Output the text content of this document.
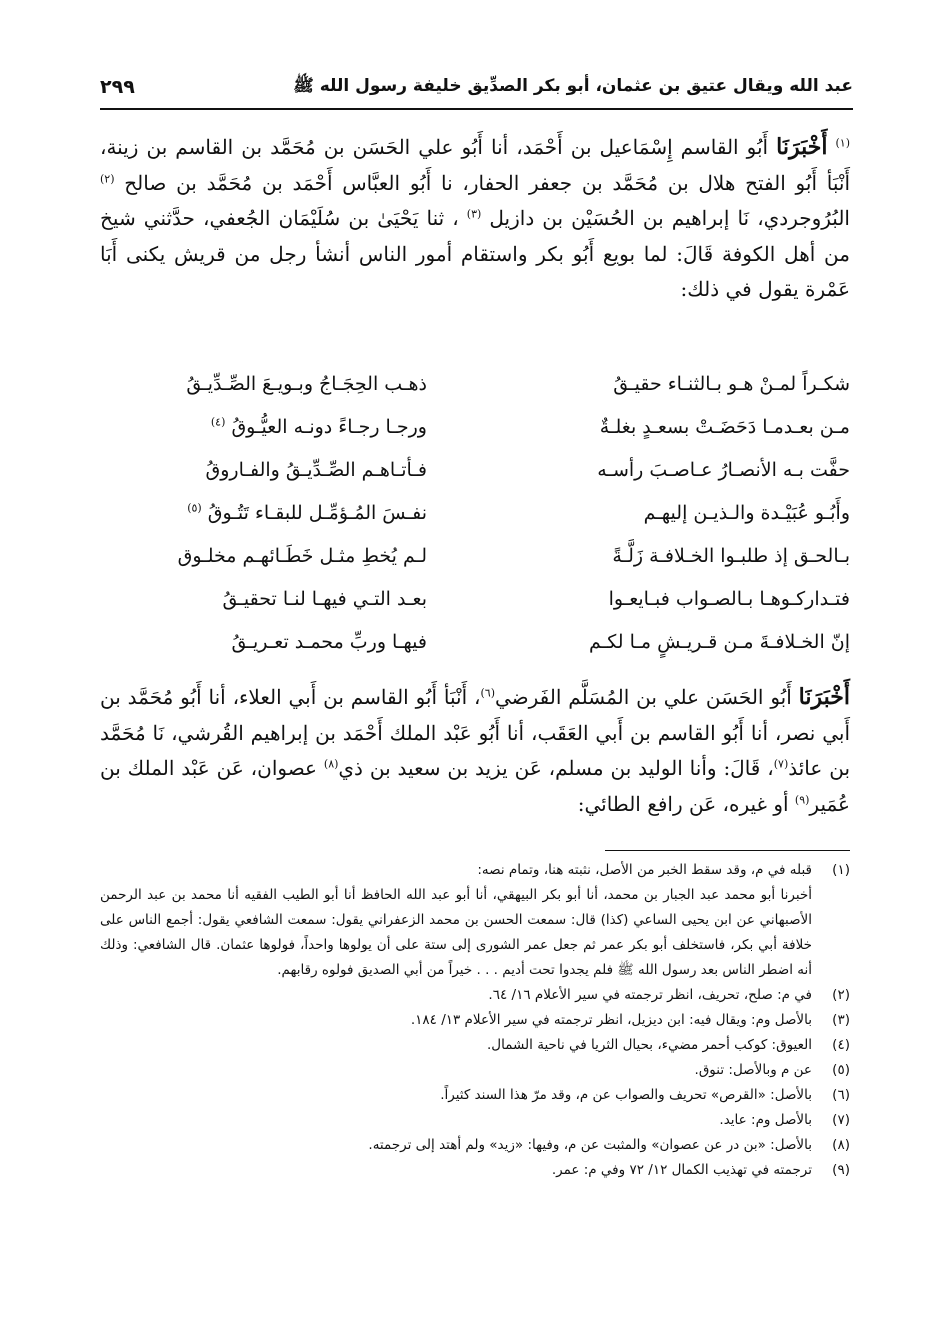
عبد الله ويقال عتيق بن عثمان، أبو بكر الصدِّيق خليفة رسول الله ﷺ
٢٩٩

$^{(١)}$ أَخْبَرَنَا أَبُو القاسم إِسْمَاعيل بن أَحْمَد، أنا أَبُو علي الحَسَن بن مُحَمَّد بن القاسم بن زينة، أَنْبَأ أَبُو الفتح هلال بن مُحَمَّد بن جعفر الحفار، نا أَبُو العبَّاس أَحْمَد بن مُحَمَّد بن صالح $^{(٢)}$ البُرُوجردي، نَا إبراهيم بن الحُسَيْن بن دازيل $^{(٣)}$ ، ثنا يَحْيَىٰ بن سُلَيْمَان الجُعفي، حدَّثني شيخ من أهل الكوفة قَالَ: لما بويع أَبُو بكر واستقام أمور الناس أنشأ رجل من قريش يكنى أَبَا عَمْرة يقول في ذلك:

شكـراً لمـنْ هـو بـالثنـاء حقيـقُ
ذهـب الحِجَـاجُ وبـويـعَ الصِّـدِّيـقُ
مـن بعـدمـا دَحَضَـتْ بسعـدٍ بغلـةٌ
ورجـا رجـاءً دونـه العيُّـوقُ $^{(٤)}$
حفَّت بـه الأنصـارُ عـاصـبَ رأسـه
فـأتـاهـم الصِّـدِّيـقُ والفـاروقُ
وأَبُـو عُبَيْـدة والـذيـن إليهـم
نفـسَ المُـؤمِّـل للبقـاء تَتُـوقُ $^{(٥)}$
بـالحـق إذ طلبـوا الخـلافـة زَلَّـةً
لـم يُخطِ مثـل خَطَـائهـم مخلـوق
فتـداركـوهـا بـالصـواب فبـايعـوا
بعـد التـي فيهـا لنـا تحقيـقُ
إنّ الخـلافـةَ مـن قـريـشٍ مـا لكـم
فيهـا وربِّ محمـد تعـريـقُ

أَخْبَرَنَا أَبُو الحَسَن علي بن المُسَلَّم الفَرضي$^{(٦)}$، أَنْبَأ أَبُو القاسم بن أَبي العلاء، أنا أَبُو مُحَمَّد بن أَبي نصر، أنا أَبُو القاسم بن أَبي العَقَب، أنا أَبُو عَبْد الملك أَحْمَد بن إبراهيم القُرشي، نَا مُحَمَّد بن عائذ$^{(٧)}$، قَالَ: وأنا الوليد بن مسلم، عَن يزيد بن سعيد بن ذي$^{(٨)}$ عصوان، عَن عَبْد الملك بن عُمَير$^{(٩)}$ أو غيره، عَن رافع الطائي:

(١)
قبله في م، وقد سقط الخبر من الأصل، نثبته هنا، وتمام نصه:
أخبرنا أبو محمد عبد الجبار بن محمد، أنا أبو بكر البيهقي، أنا أبو عبد الله الحافظ أنا أبو الطيب الفقيه أنا محمد بن عبد الرحمن الأصبهاني عن ابن يحيى الساعي (كذا) قال: سمعت الحسن بن محمد الزعفراني يقول: سمعت الشافعي يقول: أجمع الناس على خلافة أبي بكر، فاستخلف أبو بكر عمر ثم جعل عمر الشورى إلى ستة على أن يولوها واحداً، فولوها عثمان. قال الشافعي: وذلك أنه اضطر الناس بعد رسول الله ﷺ فلم يجدوا تحت أديم . . . خيراً من أبي الصديق فولوه رقابهم.
(٢)
في م: صلح، تحريف، انظر ترجمته في سير الأعلام ١٦/ ٦٤.
(٣)
بالأصل وم: ويقال فيه: ابن ديزيل، انظر ترجمته في سير الأعلام ١٣/ ١٨٤.
(٤)
العيوق: كوكب أحمر مضيء، بحيال الثريا في ناحية الشمال.
(٥)
عن م وبالأصل: تنوق.
(٦)
بالأصل: «القرص» تحريف والصواب عن م، وقد مرّ هذا السند كثيراً.
(٧)
بالأصل وم: عايد.
(٨)
بالأصل: «بن در عن عصوان» والمثبت عن م، وفيها: «زيد» ولم أهتد إلى ترجمته.
(٩)
ترجمته في تهذيب الكمال ١٢/ ٧٢ وفي م: عمر.
